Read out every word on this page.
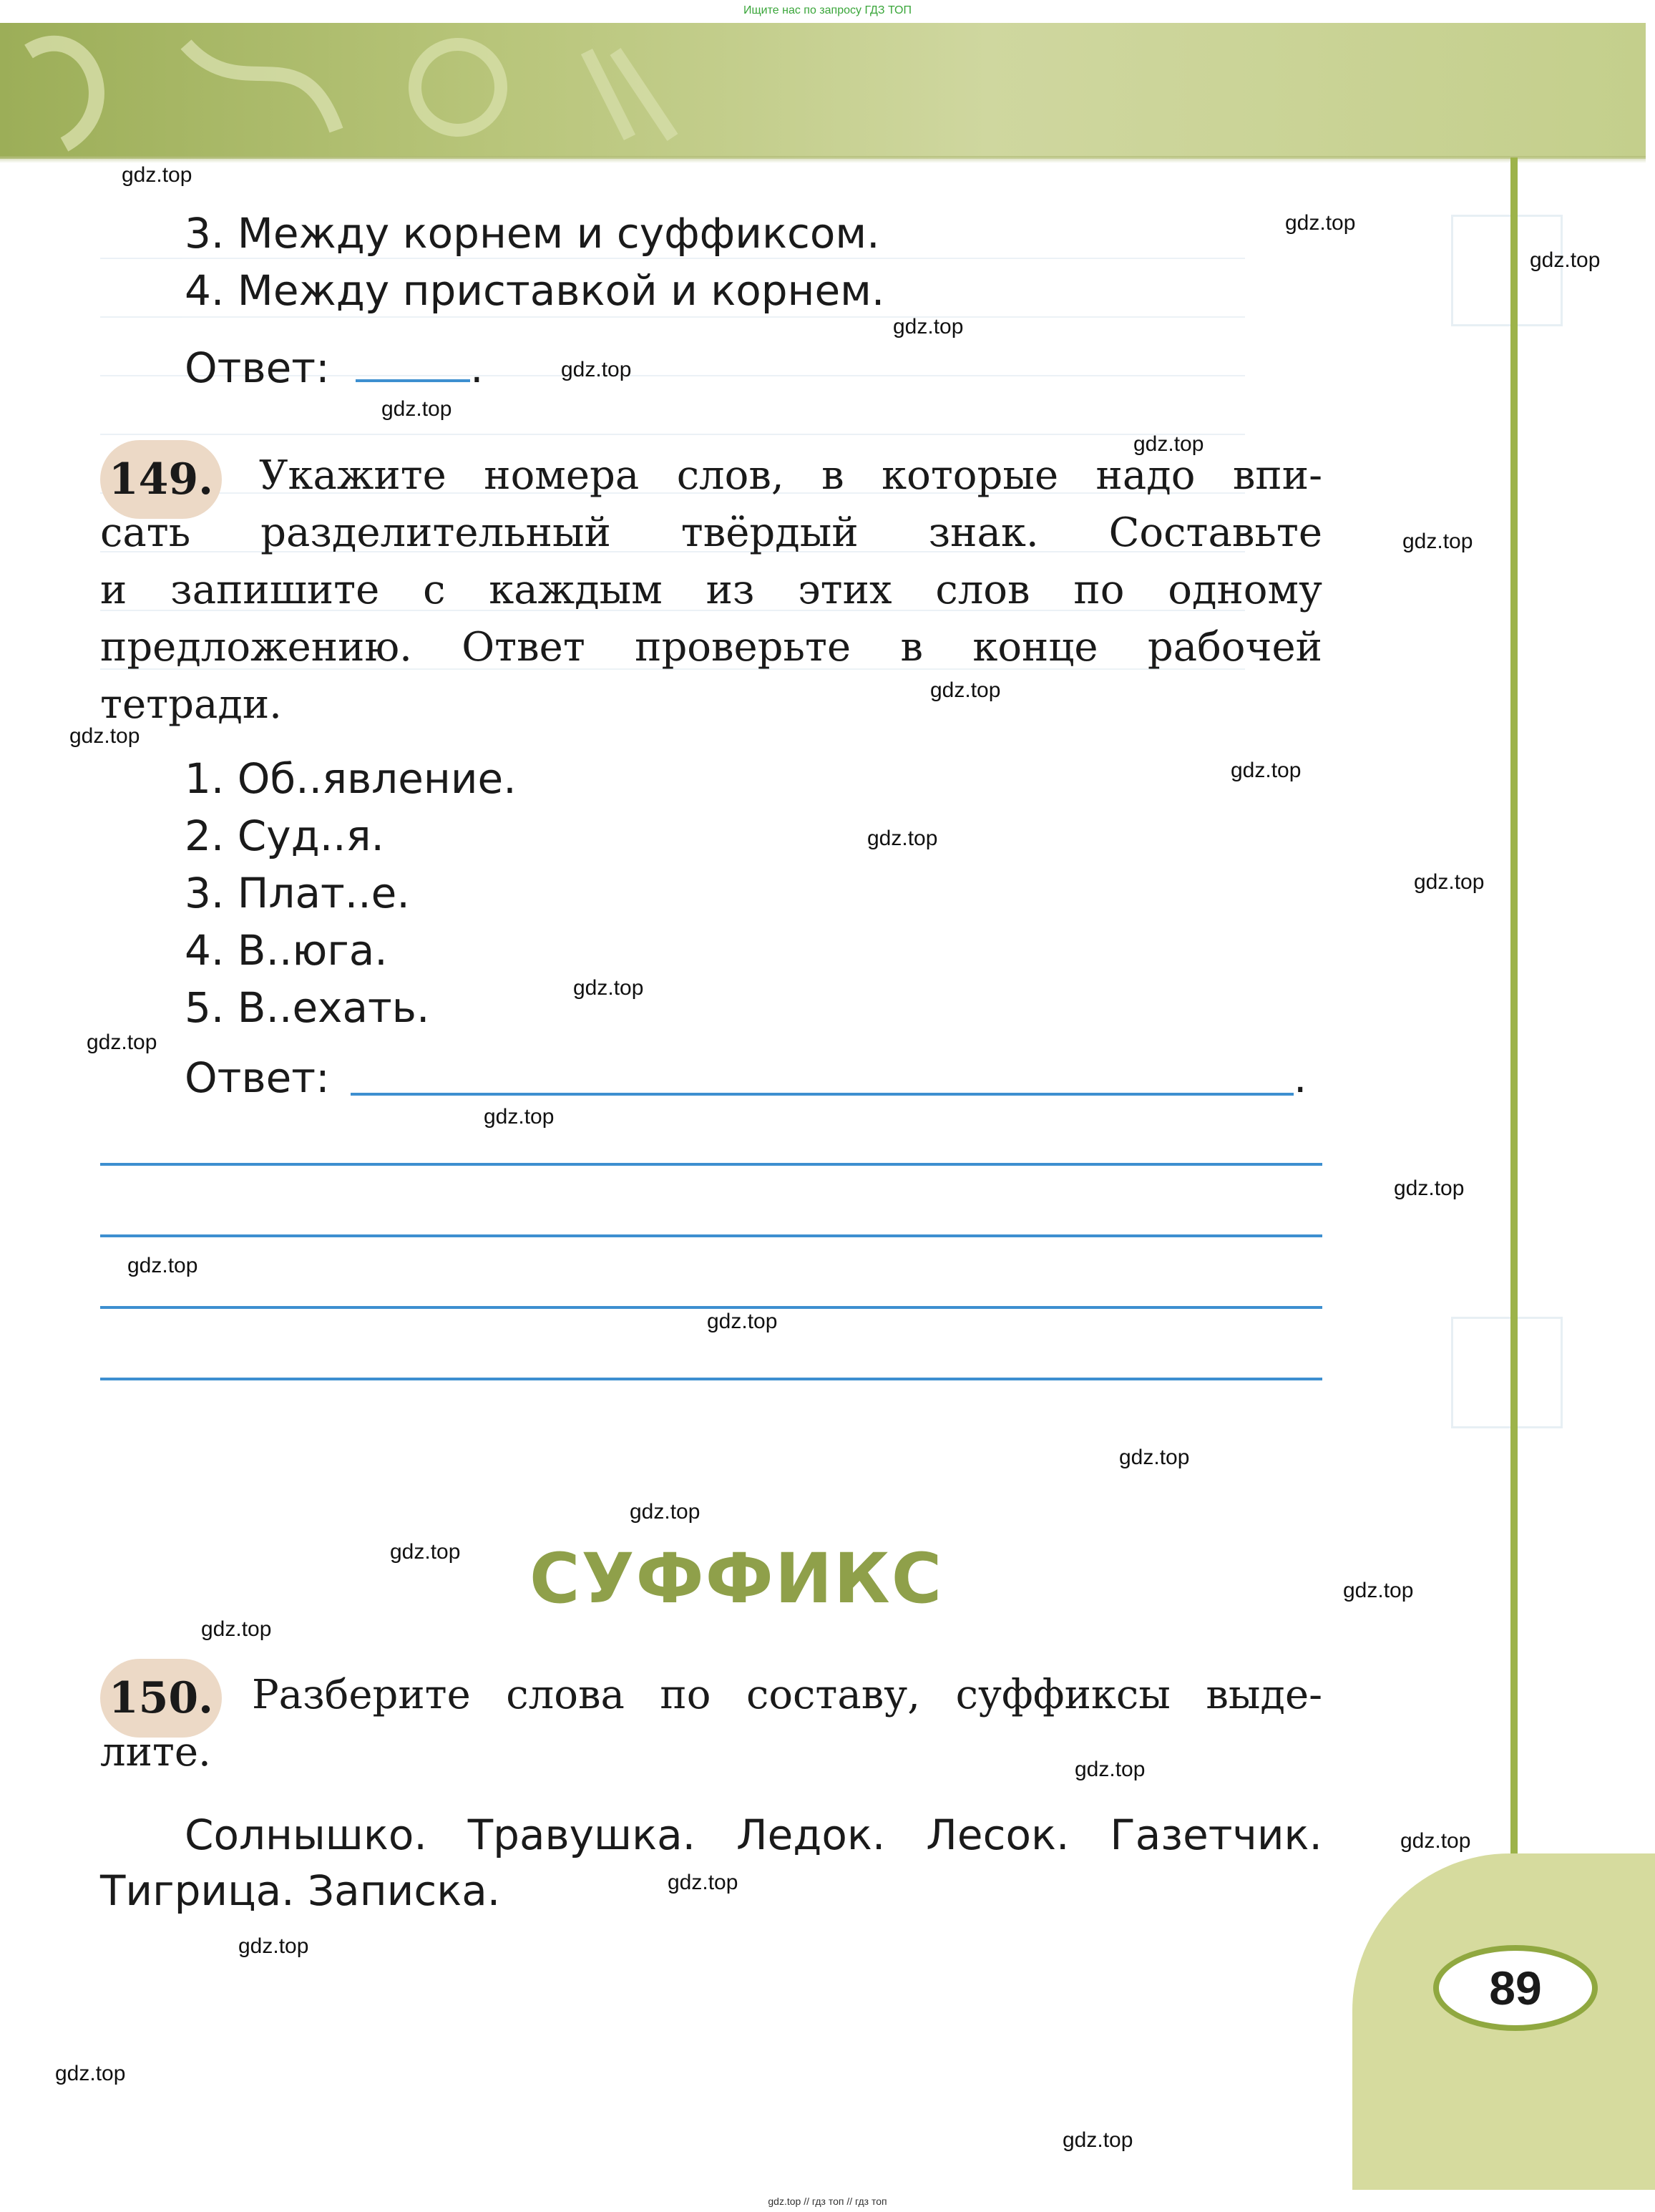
Ищите нас по запросу ГДЗ ТОП

89
3. Между корнем и суффиксом.
4. Между приставкой и корнем.
Ответ:	.
149. Укажите номера слов, в которые надо впи-
сать разделительный твёрдый знак. Составьте
и запишите с каждым из этих слов по одному
предложению. Ответ проверьте в конце рабочей
тетради.
1. Об..явление.
2. Суд..я.
3. Плат..е.
4. В..юга.
5. В..ехать.
Ответ:	.
СУФФИКС
150. Разберите слова по составу, суффиксы выде-
лите.
Солнышко. Травушка. Ледок. Лесок. Газетчик.
Тигрица. Записка.
gdz.top
gdz.top
gdz.top
gdz.top
gdz.top
gdz.top
gdz.top
gdz.top
gdz.top
gdz.top
gdz.top
gdz.top
gdz.top
gdz.top
gdz.top
gdz.top
gdz.top
gdz.top
gdz.top
gdz.top
gdz.top
gdz.top
gdz.top
gdz.top
gdz.top
gdz.top
gdz.top
gdz.top
gdz.top
gdz.top
gdz.top // гдз топ // гдз топ
